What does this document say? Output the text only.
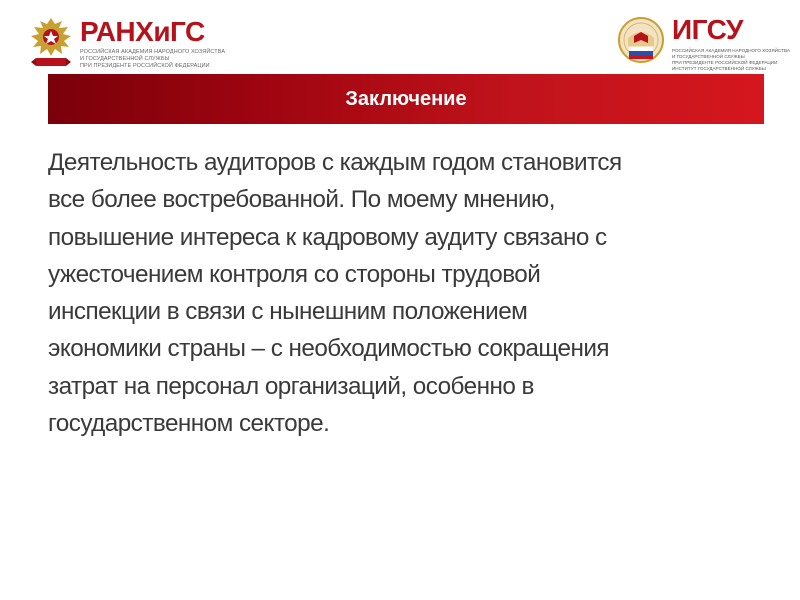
РАНХиГС
РОССИЙСКАЯ АКАДЕМИЯ НАРОДНОГО ХОЗЯЙСТВА
И ГОСУДАРСТВЕННОЙ СЛУЖБЫ
ПРИ ПРЕЗИДЕНТЕ РОССИЙСКОЙ ФЕДЕРАЦИИ
ИГСУ
РОССИЙСКАЯ АКАДЕМИЯ НАРОДНОГО ХОЗЯЙСТВА
И ГОСУДАРСТВЕННОЙ СЛУЖБЫ
ПРИ ПРЕЗИДЕНТЕ РОССИЙСКОЙ ФЕДЕРАЦИИ
ИНСТИТУТ ГОСУДАРСТВЕННОЙ СЛУЖБЫ
Заключение

Деятельность аудиторов с каждым годом становится
все более востребованной. По моему мнению,
повышение интереса к кадровому аудиту связано с
ужесточением контроля со стороны трудовой
инспекции в связи с нынешним положением
экономики страны – с необходимостью сокращения
затрат на персонал организаций, особенно в
государственном секторе.
